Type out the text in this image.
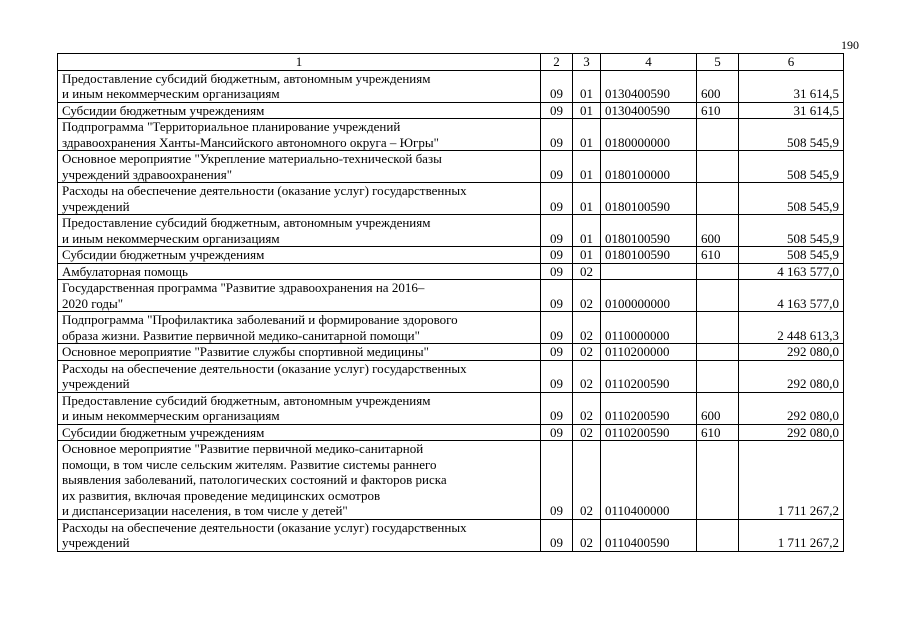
190
1	2	3	4	5	6

Предоставление субсидий бюджетным, автономным учреждениям
и иным некоммерческим организациям	09	01	0130400590	600	31 614,5

Субсидии бюджетным учреждениям	09	01	0130400590	610	31 614,5

Подпрограмма "Территориальное планирование учреждений
здравоохранения Ханты-Мансийского автономного округа – Югры"	09	01	0180000000		508 545,9

Основное мероприятие "Укрепление материально-технической базы
учреждений здравоохранения"	09	01	0180100000		508 545,9

Расходы на обеспечение деятельности (оказание услуг) государственных
учреждений	09	01	0180100590		508 545,9

Предоставление субсидий бюджетным, автономным учреждениям
и иным некоммерческим организациям	09	01	0180100590	600	508 545,9

Субсидии бюджетным учреждениям	09	01	0180100590	610	508 545,9

Амбулаторная помощь	09	02			4 163 577,0

Государственная программа "Развитие здравоохранения на 2016–
2020 годы"	09	02	0100000000		4 163 577,0

Подпрограмма "Профилактика заболеваний и формирование здорового
образа жизни. Развитие первичной медико-санитарной помощи"	09	02	0110000000		2 448 613,3

Основное мероприятие "Развитие службы спортивной медицины"	09	02	0110200000		292 080,0

Расходы на обеспечение деятельности (оказание услуг) государственных
учреждений	09	02	0110200590		292 080,0

Предоставление субсидий бюджетным, автономным учреждениям
и иным некоммерческим организациям	09	02	0110200590	600	292 080,0

Субсидии бюджетным учреждениям	09	02	0110200590	610	292 080,0

Основное мероприятие "Развитие первичной медико-санитарной
помощи, в том числе сельским жителям. Развитие системы раннего
выявления заболеваний, патологических состояний и факторов риска
их развития, включая проведение медицинских осмотров
и диспансеризации населения, в том числе у детей"	09	02	0110400000		1 711 267,2

Расходы на обеспечение деятельности (оказание услуг) государственных
учреждений	09	02	0110400590		1 711 267,2
